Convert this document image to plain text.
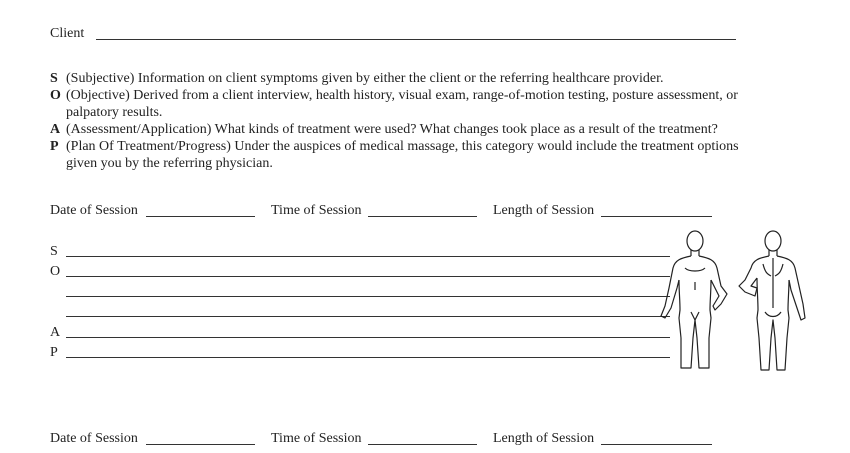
Client
S (Subjective) Information on client symptoms given by either the client or the referring healthcare provider.
O (Objective) Derived from a client interview, health history, visual exam, range-of-motion testing, posture assessment, or
palpatory results.
A (Assessment/Application) What kinds of treatment were used? What changes took place as a result of the treatment?
P (Plan Of Treatment/Progress) Under the auspices of medical massage, this category would include the treatment options
given you by the referring physician.
Date of Session	Time of Session	Length of Session
S
O
A
P
Date of Session	Time of Session	Length of Session
